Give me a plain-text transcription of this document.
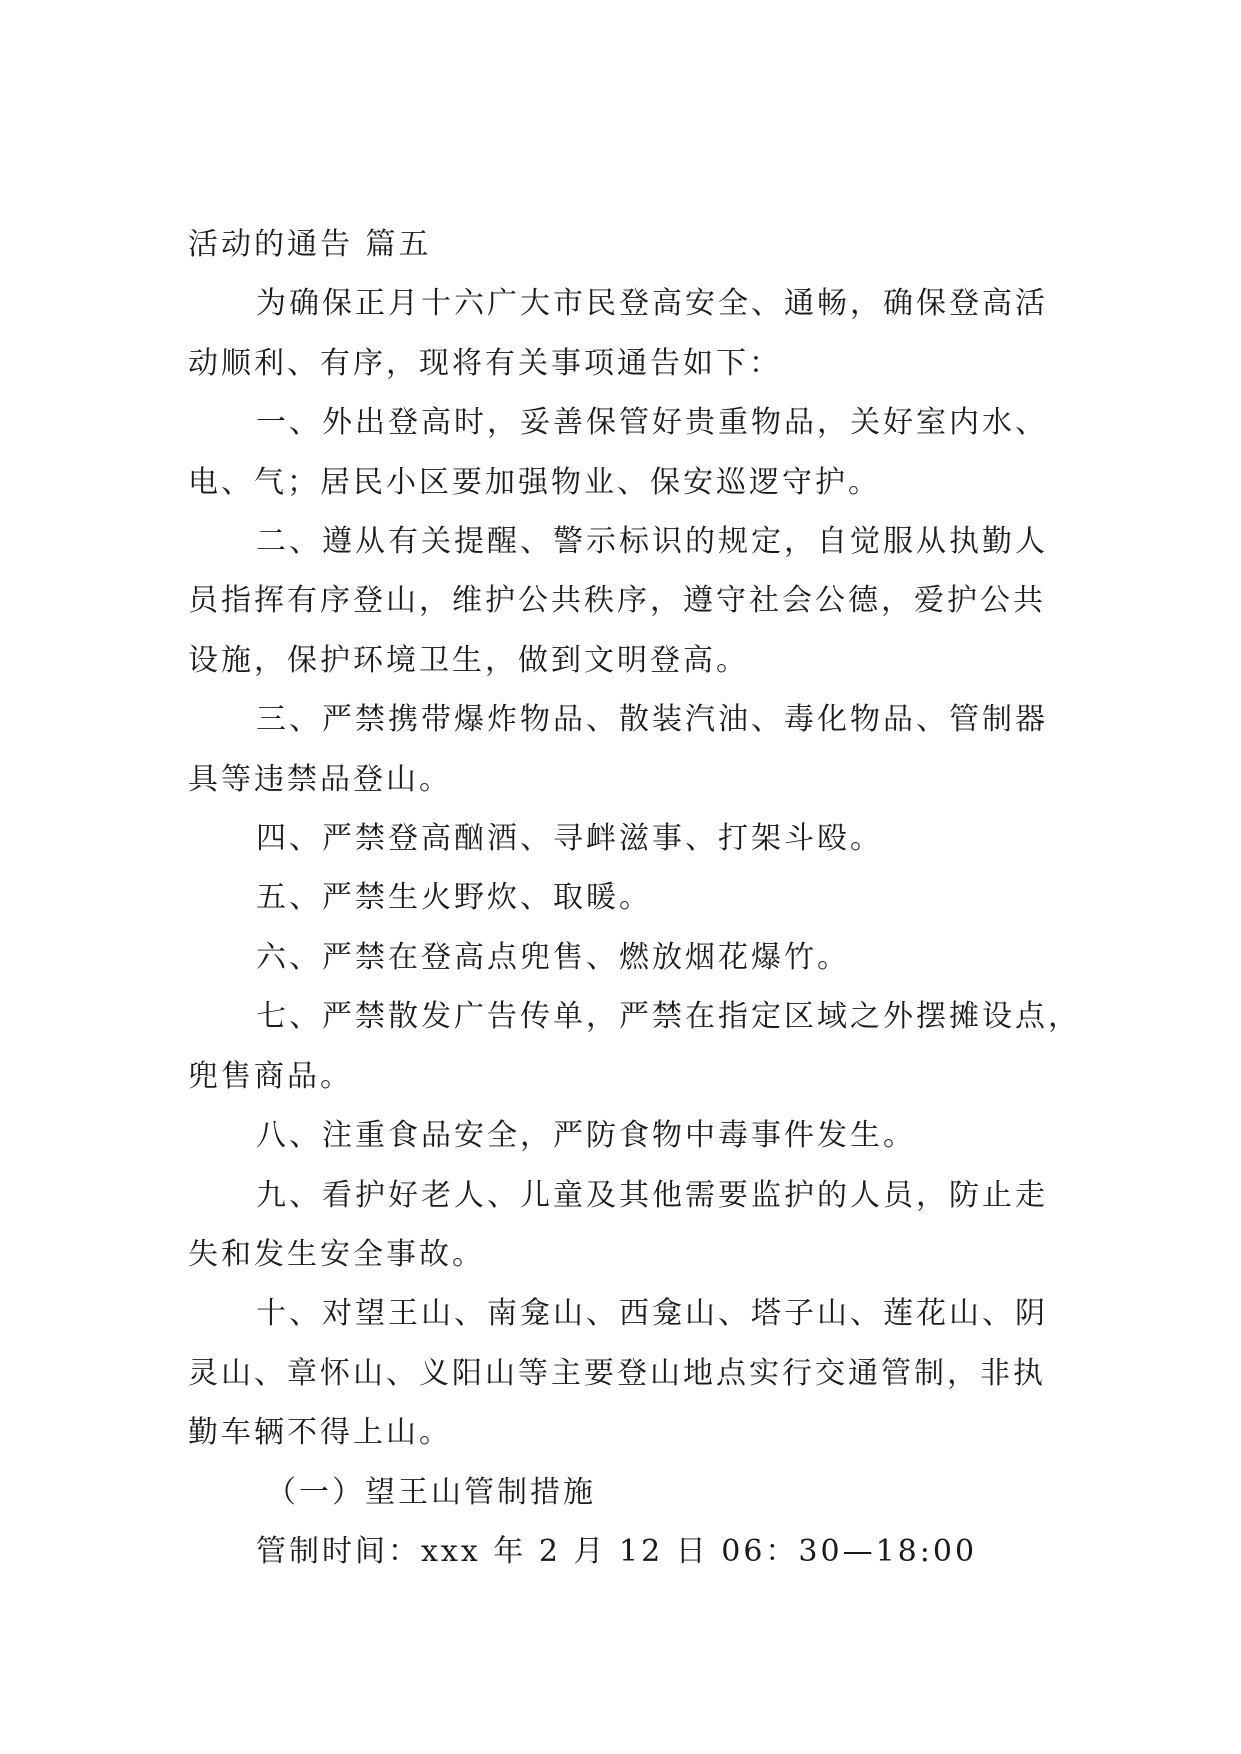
活动的通告 篇五
为确保正月十六广大市民登高安全、通畅，确保登高活
动顺利、有序，现将有关事项通告如下：
一、外出登高时，妥善保管好贵重物品，关好室内水、
电、气；居民小区要加强物业、保安巡逻守护。
二、遵从有关提醒、警示标识的规定，自觉服从执勤人
员指挥有序登山，维护公共秩序，遵守社会公德，爱护公共
设施，保护环境卫生，做到文明登高。
三、严禁携带爆炸物品、散装汽油、毒化物品、管制器
具等违禁品登山。
四、严禁登高酗酒、寻衅滋事、打架斗殴。
五、严禁生火野炊、取暖。
六、严禁在登高点兜售、燃放烟花爆竹。
七、严禁散发广告传单，严禁在指定区域之外摆摊设点，
兜售商品。
八、注重食品安全，严防食物中毒事件发生。
九、看护好老人、儿童及其他需要监护的人员，防止走
失和发生安全事故。
十、对望王山、南龛山、西龛山、塔子山、莲花山、阴
灵山、章怀山、义阳山等主要登山地点实行交通管制，非执
勤车辆不得上山。
（一）望王山管制措施
管制时间：xxx 年 2 月 12 日 06：30—18:00
